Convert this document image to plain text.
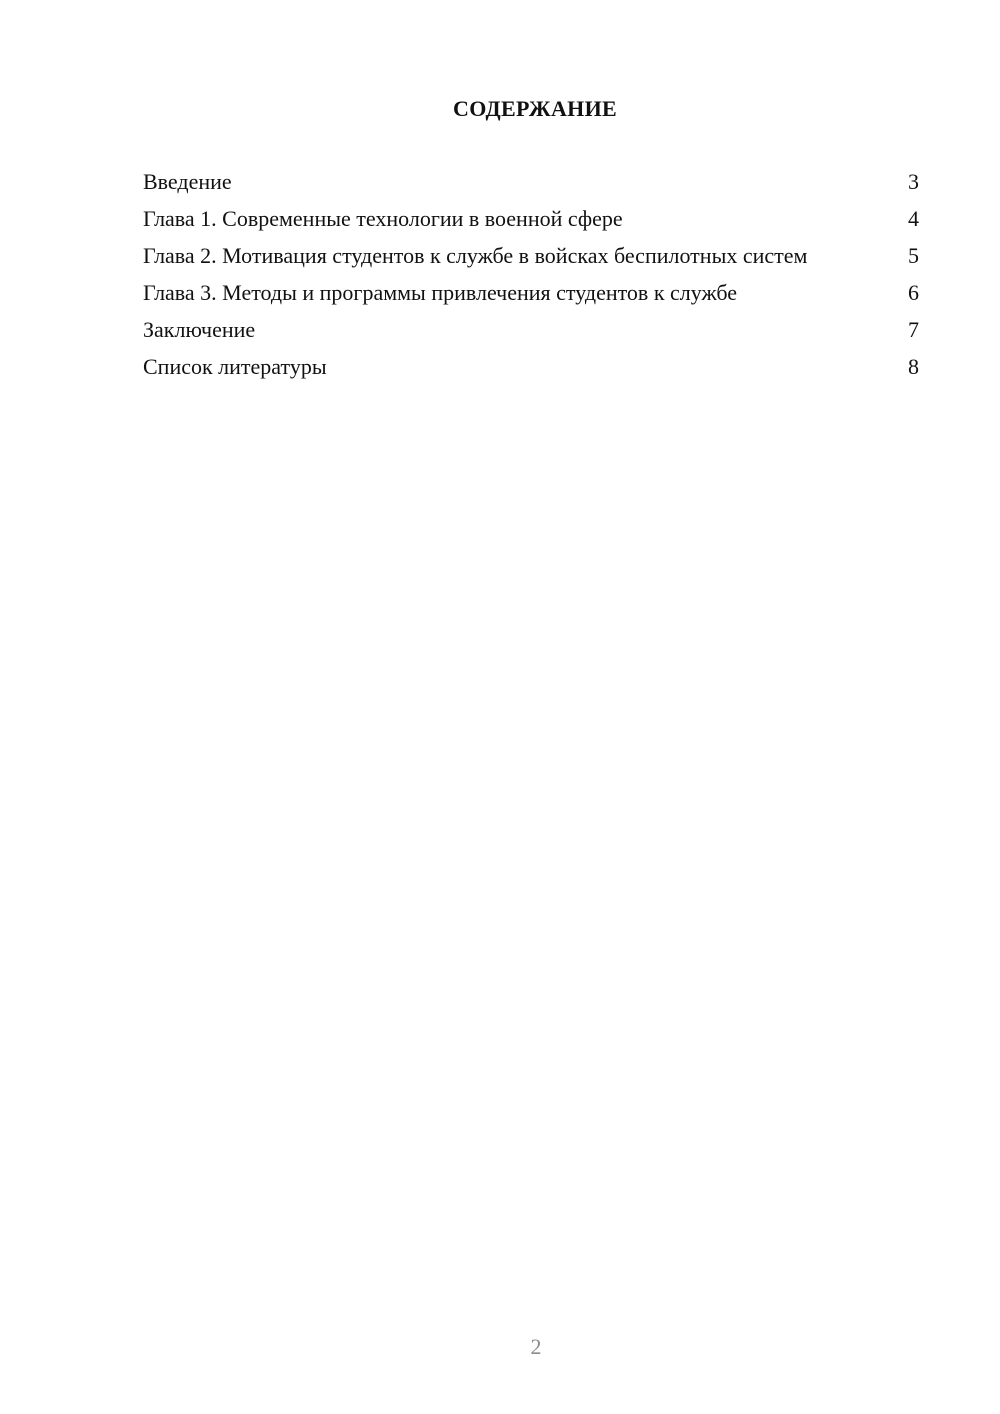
СОДЕРЖАНИЕ
Введение	3
Глава 1. Современные технологии в военной сфере	4
Глава 2. Мотивация студентов к службе в войсках беспилотных систем	5
Глава 3. Методы и программы привлечения студентов к службе	6
Заключение	7
Список литературы	8
2
